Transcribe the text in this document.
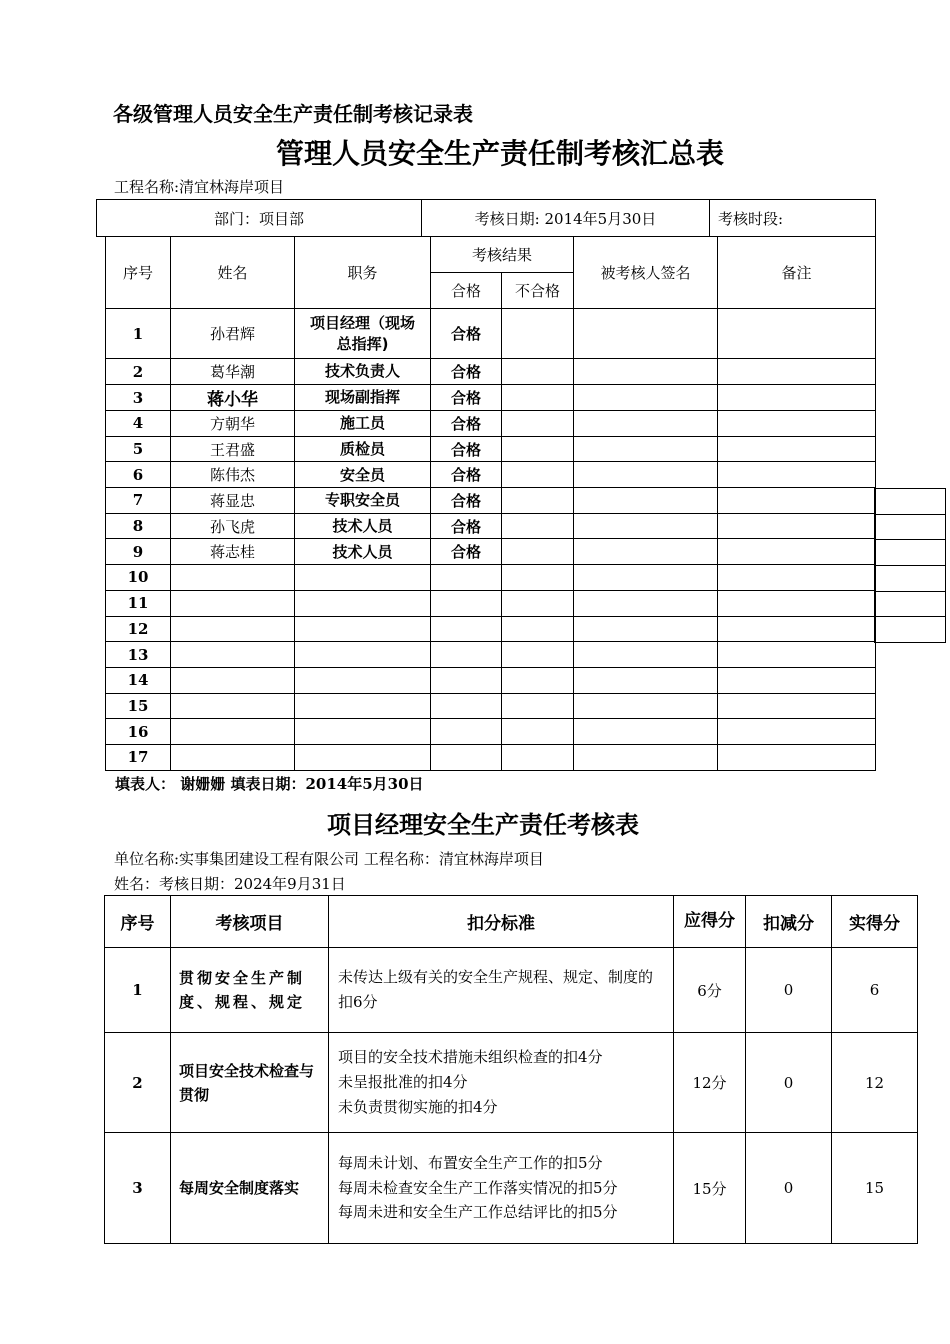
各级管理人员安全生产责任制考核记录表
管理人员安全生产责任制考核汇总表
工程名称:清宜林海岸项目
部门：项目部	考核日期: 2014年5月30日	考核时段:
序号	姓名	职务	考核结果		被考核人签名	备注
			合格	不合格		
1	孙君辉	项目经理（现场总指挥)	合格			
2	葛华潮	技术负责人	合格			
3	蒋小华	现场副指挥	合格			
4	方朝华	施工员	合格			
5	王君盛	质检员	合格			
6	陈伟杰	安全员	合格			
7	蒋显忠	专职安全员	合格			
8	孙飞虎	技术人员	合格			
9	蒋志桂	技术人员	合格			
10						
11						
12						
13						
14						
15						
16						
17						

填表人： 谢姗姗 填表日期：2014年5月30日
项目经理安全生产责任考核表
单位名称:实事集团建设工程有限公司 工程名称：清宜林海岸项目
姓名：考核日期：2024年9月31日
序号	考核项目	扣分标准	应得分	扣减分	实得分
1	贯彻安全生产制度、规程、规定	未传达上级有关的安全生产规程、规定、制度的扣6分	6分	0	6
2	项目安全技术检查与贯彻	项目的安全技术措施未组织检查的扣4分
未呈报批准的扣4分
未负责贯彻实施的扣4分	12分	0	12
3	每周安全制度落实	每周未计划、布置安全生产工作的扣5分
每周未检查安全生产工作落实情况的扣5分
每周未进和安全生产工作总结评比的扣5分	15分	0	15
